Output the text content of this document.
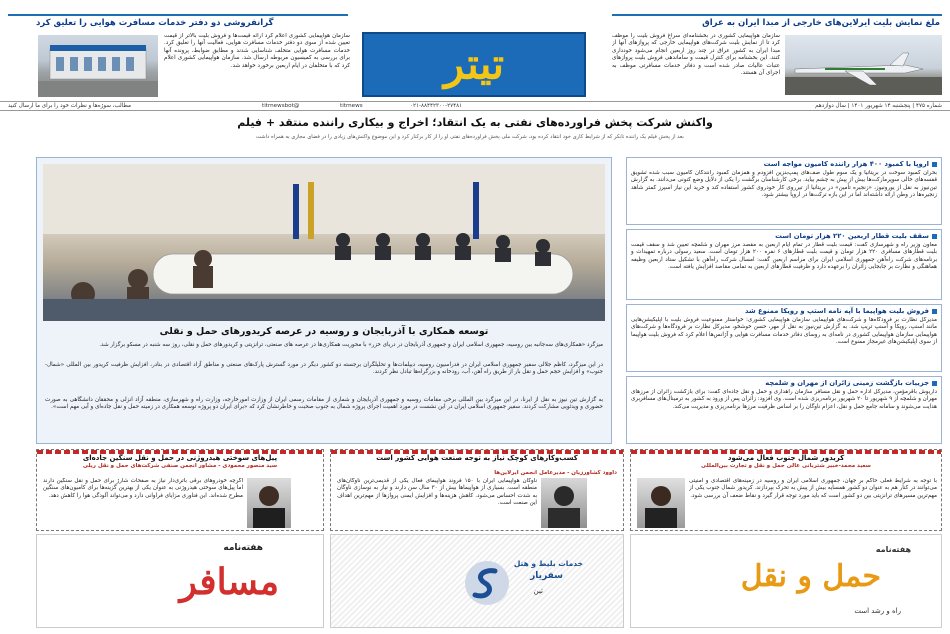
ملغ نمایش بلیت ایرلاین‌های خارجی از مبدا ایران به عراق
گرانفروشی دو دفتر خدمات مسافرت هوایی را تعلیق کرد
سازمان هواپیمایی کشوری در بخشنامه‌ای سراغ فروش بلیت را موظف کرد تا از نمایش بلیت شرکت‌های هواپیمایی خارجی که پروازهای آنها از مبدا ایران به کشور عراق در چند روز اربعین انجام می‌شود خودداری کنند. این بخشنامه برای کنترل قیمت و ساماندهی فروش بلیت پروازهای عتبات عالیات صادر شده است و دفاتر خدمات مسافرتی موظف به اجرای آن هستند.
سازمان هواپیمایی کشوری اعلام کرد ارائه قیمت‌ها و فروش بلیت بالاتر از قیمت تعیین شده از سوی دو دفتر خدمات مسافرت هوایی، فعالیت آنها را تعلیق کرد. خدمات مسافرت هوایی متخلف شناسایی شدند و مطابق ضوابط، پرونده آنها برای بررسی به کمیسیون مربوطه ارسال شد. سازمان هواپیمایی کشوری اعلام کرد که با متخلفان در ایام اربعین برخورد خواهد شد. تیتر
شماره ۴۷۵ | پنجشنبه ۱۴ شهریور ۱۴۰۱ | سال دوازدهم
۰۲۱-۸۸۴۴۲۳۰۰-۲۷۴۸۱
titrnews
@titrnewsbot
مطالب، سوژه‌ها و نظرات خود را برای ما ارسال کنید
واکنش شرکت پخش فراورده‌های نفتی به یک انتقاد؛ اخراج و بیکاری راننده منتقد + فیلم
بعد از پخش فیلم یک راننده تانکر که از شرایط کاری خود انتقاد کرده بود، شرکت ملی پخش فراورده‌های نفتی او را از کار برکنار کرد و این موضوع واکنش‌های زیادی را در فضای مجازی به همراه داشت
توسعه همکاری با آذربایجان و روسیه در عرصه کریدورهای حمل و نقلی
میزگرد «همکاری‌های سه‌جانبه بین روسیه، جمهوری اسلامی ایران و جمهوری آذربایجان در دریای خزر» با محوریت همکاری‌ها در عرصه های صنعتی، ترانزیتی و کریدورهای حمل و نقلی، روز سه شنبه در مسکو برگزار شد.
در این میزگرد، کاظم جلالی سفیر جمهوری اسلامی ایران در فدراسیون روسیه، دیپلمات‌ها و تحلیلگران برجسته دو کشور دیگر در مورد گسترش پارک‌های صنعتی و مناطق آزاد اقتصادی در بنادر، افزایش ظرفیت کریدور بین المللی «شمال-جنوب» و افزایش حجم حمل و نقل بار از طریق راه آهن، آب، رودخانه و بزرگراه‌ها تبادل نظر کردند.
به گزارش تین نیوز به نقل از ایرنا، در این میزگرد بین المللی برخی مقامات روسیه و جمهوری آذربایجان و شماری از مقامات رسمی ایران از وزارت امورخارجه، وزارت راه و شهرسازی، منطقه آزاد انزلی و محققان دانشگاهی به صورت حضوری و ویدئویی مشارکت کردند. سفیر جمهوری اسلامی ایران در این نشست در مورد اهمیت اجرای پروژه شمال به جنوب صحبت و خاطرنشان کرد که «برای ایران دو پروژه توسعه همکاری در زمینه حمل و نقل جاده‌ای و آبی مهم است».
اروپا با کمبود ۴۰۰ هزار راننده کامیون مواجه است
بحران کمبود سوخت در بریتانیا و یک سوم طول صف‌های پمپ‌بنزین افزودم و همزمان کمبود رانندگان کامیون سبب شده تشویق قفسه‌های خالی سوپرمارکت‌ها بیش از پیش به چشم بیاید. برخی کارشناسان برگشت را یکی از دلایل وضع کنونی می‌دانند. به گزارش تین‌نیوز به نقل از یورونیوز، «زنجیره تأمین» در بریتانیا از تیرروی کار خودروی کشور استفاده کند و خرید این نیاز اسپرز کمتر شاهد زنجیره‌ها در وطن ارائه داشته‌اند اما در این بازه ترکت‌ها در اروپا بیشتر شود.
سقف بلیت قطار اربعین ۲۲۰ هزار تومان است
معاون وزیر راه و شهرسازی گفت: قیمت بلیت قطار در تمام ایام اربعین به مقصد مرز مهران و شلمچه تعیین شد و سقف قیمت بلیت قطارهای مسافری ۲۲۰ هزار تومان و قیمت بلیت قطارهای ۶ نفره ۲۰۰ هزار تومان است. سعید رسولی درباره تمهیدات و برنامه‌های شرکت راه‌آهن جمهوری اسلامی ایران برای مراسم اربعین گفت: امسال شرکت راه‌آهن با تشکیل ستاد اربعین وظیفه هماهنگی و نظارت بر جابجایی زائران را برعهده دارد و ظرفیت قطارهای اربعین به تمامی مقاصد افزایش یافته است.
فروش بلیت هواپیما با آپه نامه استپ و رویکا ممنوع شد
مدیرکل نظارت بر فرودگاه‌ها و شرکت‌های هواپیمایی سازمان هواپیمایی کشوری: خواستار ممنوعیت فروش بلیت با اپلیکیشن‌هایی مانند اسنپ، رویکا و آسنپ تریپ شد. به گزارش تین‌نیوز به نقل از مهر، حسن خوشخو، مدیرکل نظارت بر فرودگاه‌ها و شرکت‌های هواپیمایی سازمان هواپیمایی کشوری در نامه‌ای به روسای دفاتر خدمات مسافرت هوایی و آژانس‌ها اعلام کرد که فروش بلیت هواپیما از سوی اپلیکیشن‌های غیرمجاز ممنوع است.
جزییات بازگشت زمینی زائران از مهران و شلمچه
داریوش باقرمؤمن، مدیرکل اداره حمل و نقل مسافر سازمان راهداری و حمل و نقل جاده‌ای گفت: برای بازگشت زائران از مرزهای مهران و شلمچه از ۹ شهریور تا ۲۰ شهریور برنامه‌ریزی شده است. وی افزود: زائران پس از ورود به کشور به ترمینال‌های مسافربری هدایت می‌شوند و سامانه جامع حمل و نقل، اعزام ناوگان را بر اساس ظرفیت مرزها برنامه‌ریزی و مدیریت می‌کند.
کریدور شمال جنوب فعال می‌شود
سعید محمد-خبیر شتربانی عالی حمل و نقل و تجارت بین‌المللی
با توجه به شرایط فعلی حاکم بر جهان، جمهوری اسلامی ایران و روسیه در زمینه‌های اقتصادی و امنیتی می‌توانند در کنار هم به عنوان دو کشور همسایه بیش از پیش به تحرک بپردازند. کریدور شمال جنوب یکی از مهم‌ترین مسیرهای ترانزیتی بین دو کشور است که باید مورد توجه قرار گیرد و نقاط ضعف آن بررسی شود.
کسب‌وکارهای کوچک نیاز به توجه صنعت هوایی کشور است
داوود کشاورزیان - مدیرعامل انجمن ایرلاین‌ها
ناوگان هواپیمایی ایران با ۱۵۰ فروند هواپیمای فعال یکی از قدیمی‌ترین ناوگان‌های منطقه است. بسیاری از هواپیماها بیش از ۳۰ سال سن دارند و نیاز به نوسازی ناوگان به شدت احساس می‌شود. کاهش هزینه‌ها و افزایش ایمنی پروازها از مهم‌ترین اهداف این صنعت است.
پیل‌های سوختی هیدروژنی در حمل و نقل سنگین جاده‌ای
سید منصور محمودی - مشاور انجمن صنفی شرکت‌های حمل و نقل ریلی
اگرچه خودروهای برقی باتری‌دار نیاز به صفحات شارژ برای حمل و نقل سنگین دارند اما پیل‌های سوختی هیدروژنی به عنوان یکی از بهترین گزینه‌ها برای کامیون‌های سنگین مطرح شده‌اند. این فناوری مزایای فراوانی دارد و می‌تواند آلودگی هوا را کاهش دهد.
هفته‌نامه
حمل و نقل
راه و رشد است
خدمات بلیط و هتل
سفریار
تین
هفته‌نامه
مسافر
